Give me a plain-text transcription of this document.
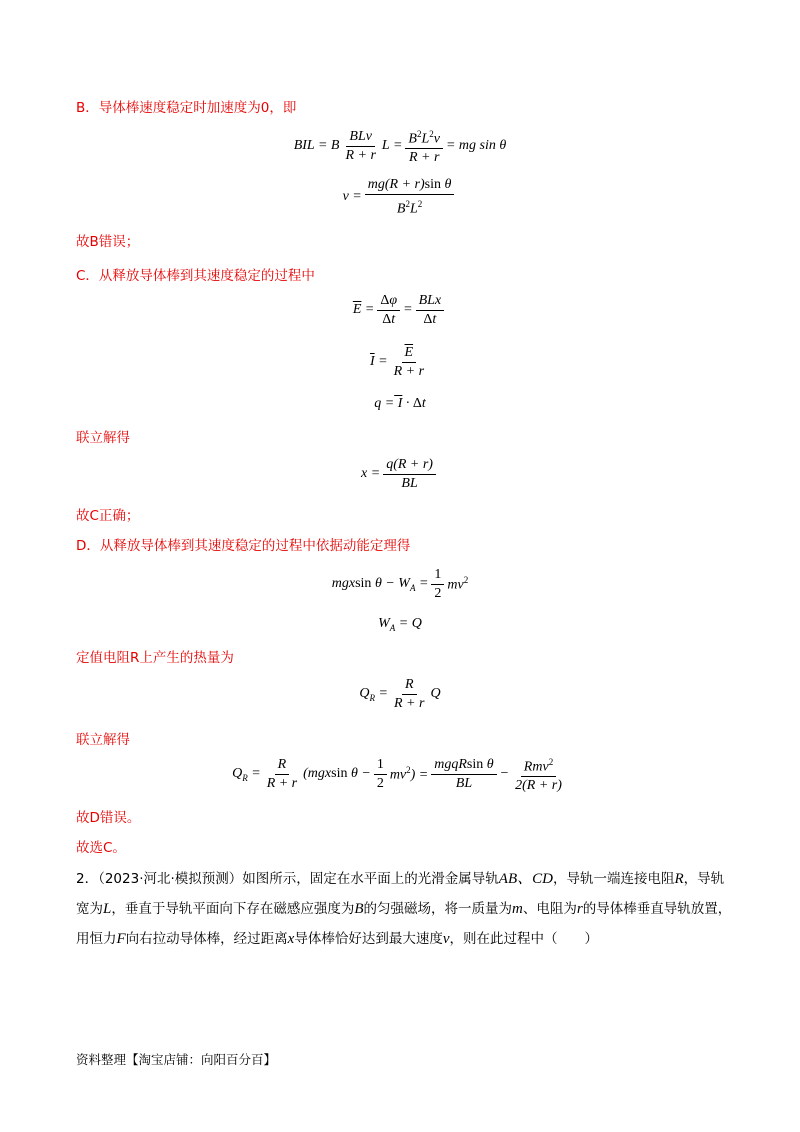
B．导体棒速度稳定时加速度为0，即
BIL = B $\frac{\text{BLv}}{R + r}$ $L = \frac{B^2L^2v}{R + r}$ = mg sin θ
$v = \frac{\text{mg(R + r)sin θ}}{B^2L^2}$
故B错误；
C．从释放导体棒到其速度稳定的过程中
$\overline{E} = \frac{\Delta\varphi}{\Delta t} = \frac{\text{BLx}}{\Delta t}$
$\overline{I} = \frac{\overline{E}}{R + r}$
q = I · Δt
联立解得
$x = \frac{q(R + r)}{BL}$
故C正确；
D．从释放导体棒到其速度稳定的过程中依据动能定理得
mgxsin $\theta - W_A = \frac{1}{2} mv^2$
$W_A = Q$
定值电阻R上产生的热量为
$Q_R = \frac{R}{R + r}$ Q
联立解得
$Q_R = \frac{R}{R + r} (mgxsin$ $\theta - \frac{1}{2} mv^2) = \frac{\text{mgqRsin θ}}{BL} - \frac{Rmv^2}{2(R + r)}$
故D错误。
故选C。
2．（2023·河北·模拟预测）如图所示，固定在水平面上的光滑金属导轨AB、CD，导轨一端连接电阻R，导轨宽为L，垂直于导轨平面向下存在磁感应强度为B的匀强磁场，将一质量为m、电阻为r的导体棒垂直导轨放置，用恒力F向右拉动导体棒，经过距离x导体棒恰好达到最大速度v，则在此过程中（　　）
资料整理【淘宝店铺：向阳百分百】
